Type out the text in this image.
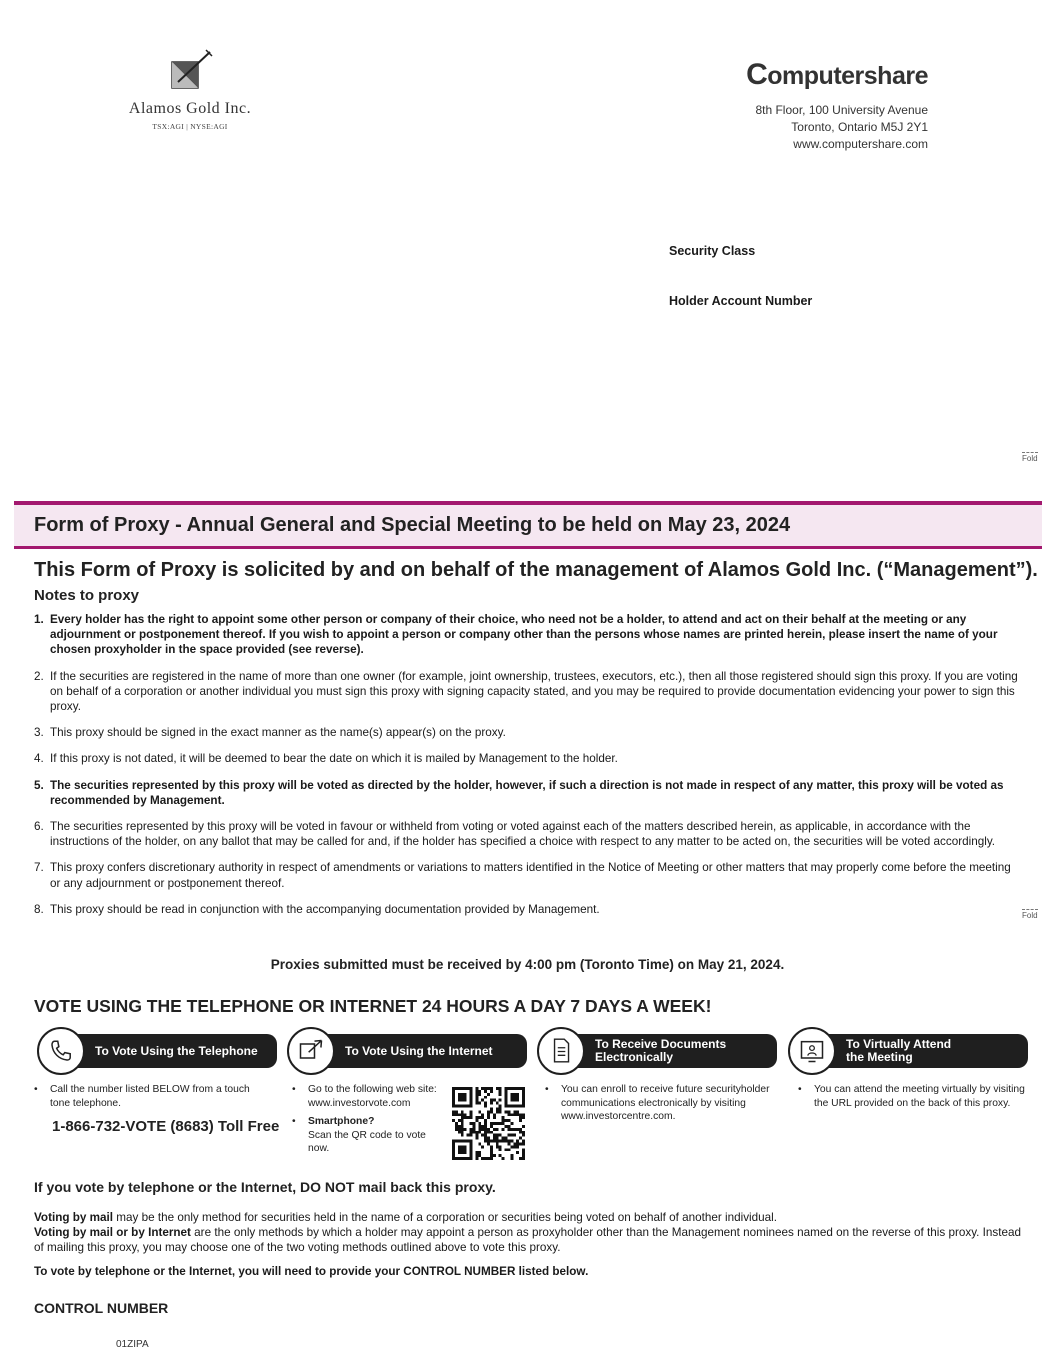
Alamos Gold Inc.
TSX:AGI | NYSE:AGI
Computershare
8th Floor, 100 University Avenue
Toronto, Ontario M5J 2Y1
www.computershare.com
Security Class
Holder Account Number
Fold
Form of Proxy - Annual General and Special Meeting to be held on May 23, 2024
This Form of Proxy is solicited by and on behalf of the management of Alamos Gold Inc. (“Management”).
Notes to proxy
1. Every holder has the right to appoint some other person or company of their choice, who need not be a holder, to attend and act on their behalf at the meeting or any adjournment or postponement thereof. If you wish to appoint a person or company other than the persons whose names are printed herein, please insert the name of your chosen proxyholder in the space provided (see reverse).
2. If the securities are registered in the name of more than one owner (for example, joint ownership, trustees, executors, etc.), then all those registered should sign this proxy. If you are voting on behalf of a corporation or another individual you must sign this proxy with signing capacity stated, and you may be required to provide documentation evidencing your power to sign this proxy.
3. This proxy should be signed in the exact manner as the name(s) appear(s) on the proxy.
4. If this proxy is not dated, it will be deemed to bear the date on which it is mailed by Management to the holder.
5. The securities represented by this proxy will be voted as directed by the holder, however, if such a direction is not made in respect of any matter, this proxy will be voted as recommended by Management.
6. The securities represented by this proxy will be voted in favour or withheld from voting or voted against each of the matters described herein, as applicable, in accordance with the instructions of the holder, on any ballot that may be called for and, if the holder has specified a choice with respect to any matter to be acted on, the securities will be voted accordingly.
7. This proxy confers discretionary authority in respect of amendments or variations to matters identified in the Notice of Meeting or other matters that may properly come before the meeting or any adjournment or postponement thereof.
8. This proxy should be read in conjunction with the accompanying documentation provided by Management.	Fold
Proxies submitted must be received by 4:00 pm (Toronto Time) on May 21, 2024.
VOTE USING THE TELEPHONE OR INTERNET 24 HOURS A DAY 7 DAYS A WEEK!
To Vote Using the Telephone
• Call the number listed BELOW from a touch tone telephone.
1-866-732-VOTE (8683) Toll Free
To Vote Using the Internet
• Go to the following web site: www.investorvote.com
• Smartphone?
Scan the QR code to vote now.
To Receive Documents
Electronically
• You can enroll to receive future securityholder communications electronically by visiting www.investorcentre.com.
To Virtually Attend
the Meeting
• You can attend the meeting virtually by visiting the URL provided on the back of this proxy.
If you vote by telephone or the Internet, DO NOT mail back this proxy.
Voting by mail may be the only method for securities held in the name of a corporation or securities being voted on behalf of another individual.
Voting by mail or by Internet are the only methods by which a holder may appoint a person as proxyholder other than the Management nominees named on the reverse of this proxy. Instead of mailing this proxy, you may choose one of the two voting methods outlined above to vote this proxy.
To vote by telephone or the Internet, you will need to provide your CONTROL NUMBER listed below.
CONTROL NUMBER
01ZIPA
